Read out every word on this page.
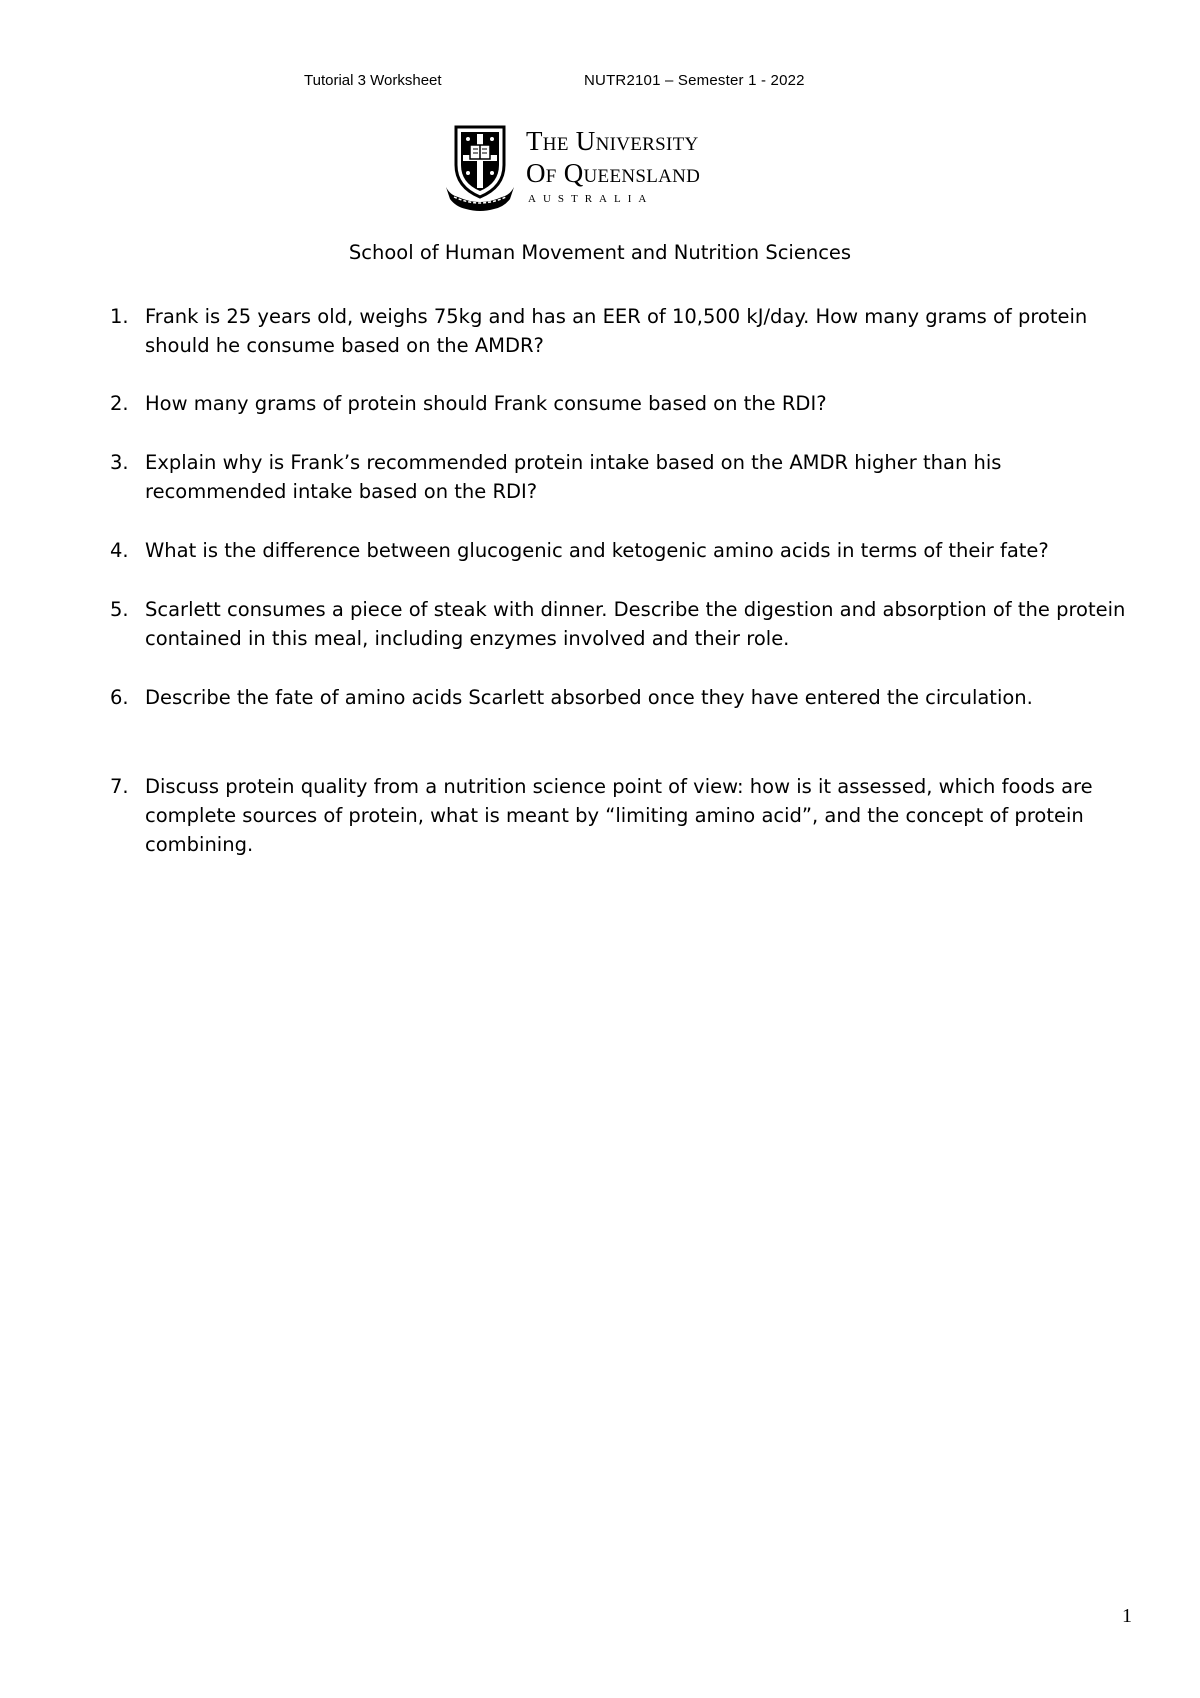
Tutorial 3 Worksheet	NUTR2101 – Semester 1 - 2022
The University
Of Queensland
AUSTRALIA
School of Human Movement and Nutrition Sciences
1. Frank is 25 years old, weighs 75kg and has an EER of 10,500 kJ/day. How many grams of protein should he consume based on the AMDR?
2. How many grams of protein should Frank consume based on the RDI?
3. Explain why is Frank’s recommended protein intake based on the AMDR higher than his recommended intake based on the RDI?
4. What is the difference between glucogenic and ketogenic amino acids in terms of their fate?
5. Scarlett consumes a piece of steak with dinner. Describe the digestion and absorption of the protein contained in this meal, including enzymes involved and their role.
6. Describe the fate of amino acids Scarlett absorbed once they have entered the circulation.
7. Discuss protein quality from a nutrition science point of view: how is it assessed, which foods are complete sources of protein, what is meant by “limiting amino acid”, and the concept of protein combining.
1
